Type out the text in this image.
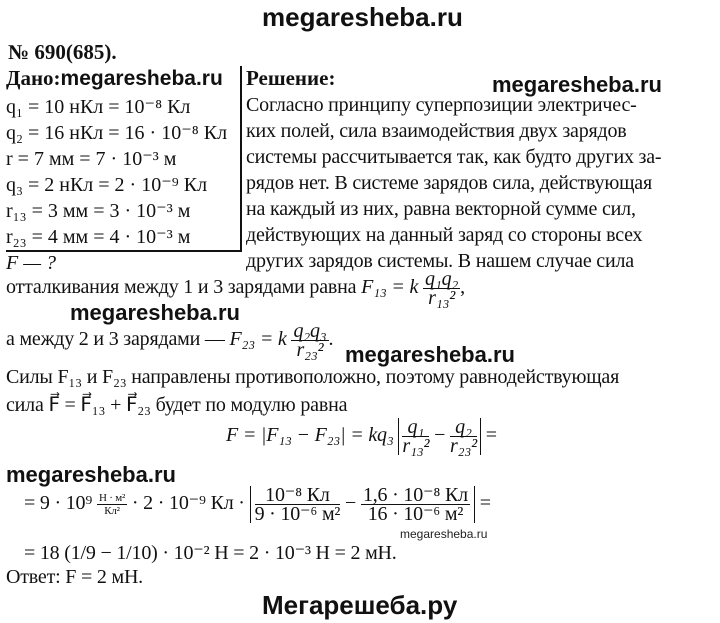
megaresheba.ru
№ 690(685).
Дано:megaresheba.ru
q₁ = 10 нКл = 10⁻⁸ Кл
q₂ = 16 нКл = 16 · 10⁻⁸ Кл
r = 7 мм = 7 · 10⁻³ м
q₃ = 2 нКл = 2 · 10⁻⁹ Кл
r₁₃ = 3 мм = 3 · 10⁻³ м
r₂₃ = 4 мм = 4 · 10⁻³ м
F — ?
Решение:	megaresheba.ru
Согласно принципу суперпозиции электричес-
ких полей, сила взаимодействия двух зарядов
системы рассчитывается так, как будто других за-
рядов нет. В системе зарядов сила, действующая
на каждый из них, равна векторной сумме сил,
действующих на данный заряд со стороны всех
других зарядов системы. В нашем случае сила
отталкивания между 1 и 3 зарядами равна F₁₃ = k $\frac{\text{q₁q₂}}{\text{r₁₃²}}$ ,
megaresheba.ru
а между 2 и 3 зарядами — F₂₃ = k $\frac{\text{q₂q₃}}{\text{r₂₃²}}$ .
megaresheba.ru
Силы F₁₃ и F₂₃ направлены противоположно, поэтому равнодействующая
сила F⃗ = F⃗₁₃ + F⃗₂₃ будет по модулю равна
$F = |F_{13} - F_{23}| = kq_3 \frac{\text{q₁}}{\text{r₁₃²}} - \frac{\text{q₂}}{\text{r₂₃²}}$ =
megaresheba.ru
= $9 \cdot 10^9 \frac{\text{Н · м²}}{\text{Кл²}} \cdot 2 \cdot 10^{-9}$ Кл · $\frac{\text{10⁻⁸ Кл}}{\text{9 · 10⁻⁶ м²}} - \frac{\text{1,6 · 10⁻⁸ Кл}}{\text{16 · 10⁻⁶ м²}}$ =
megaresheba.ru
= 18 (1/9 − 1/10) · 10⁻² Н = 2 · 10⁻³ Н = 2 мН.
Ответ: F = 2 мН.
Мегарешеба.ру
